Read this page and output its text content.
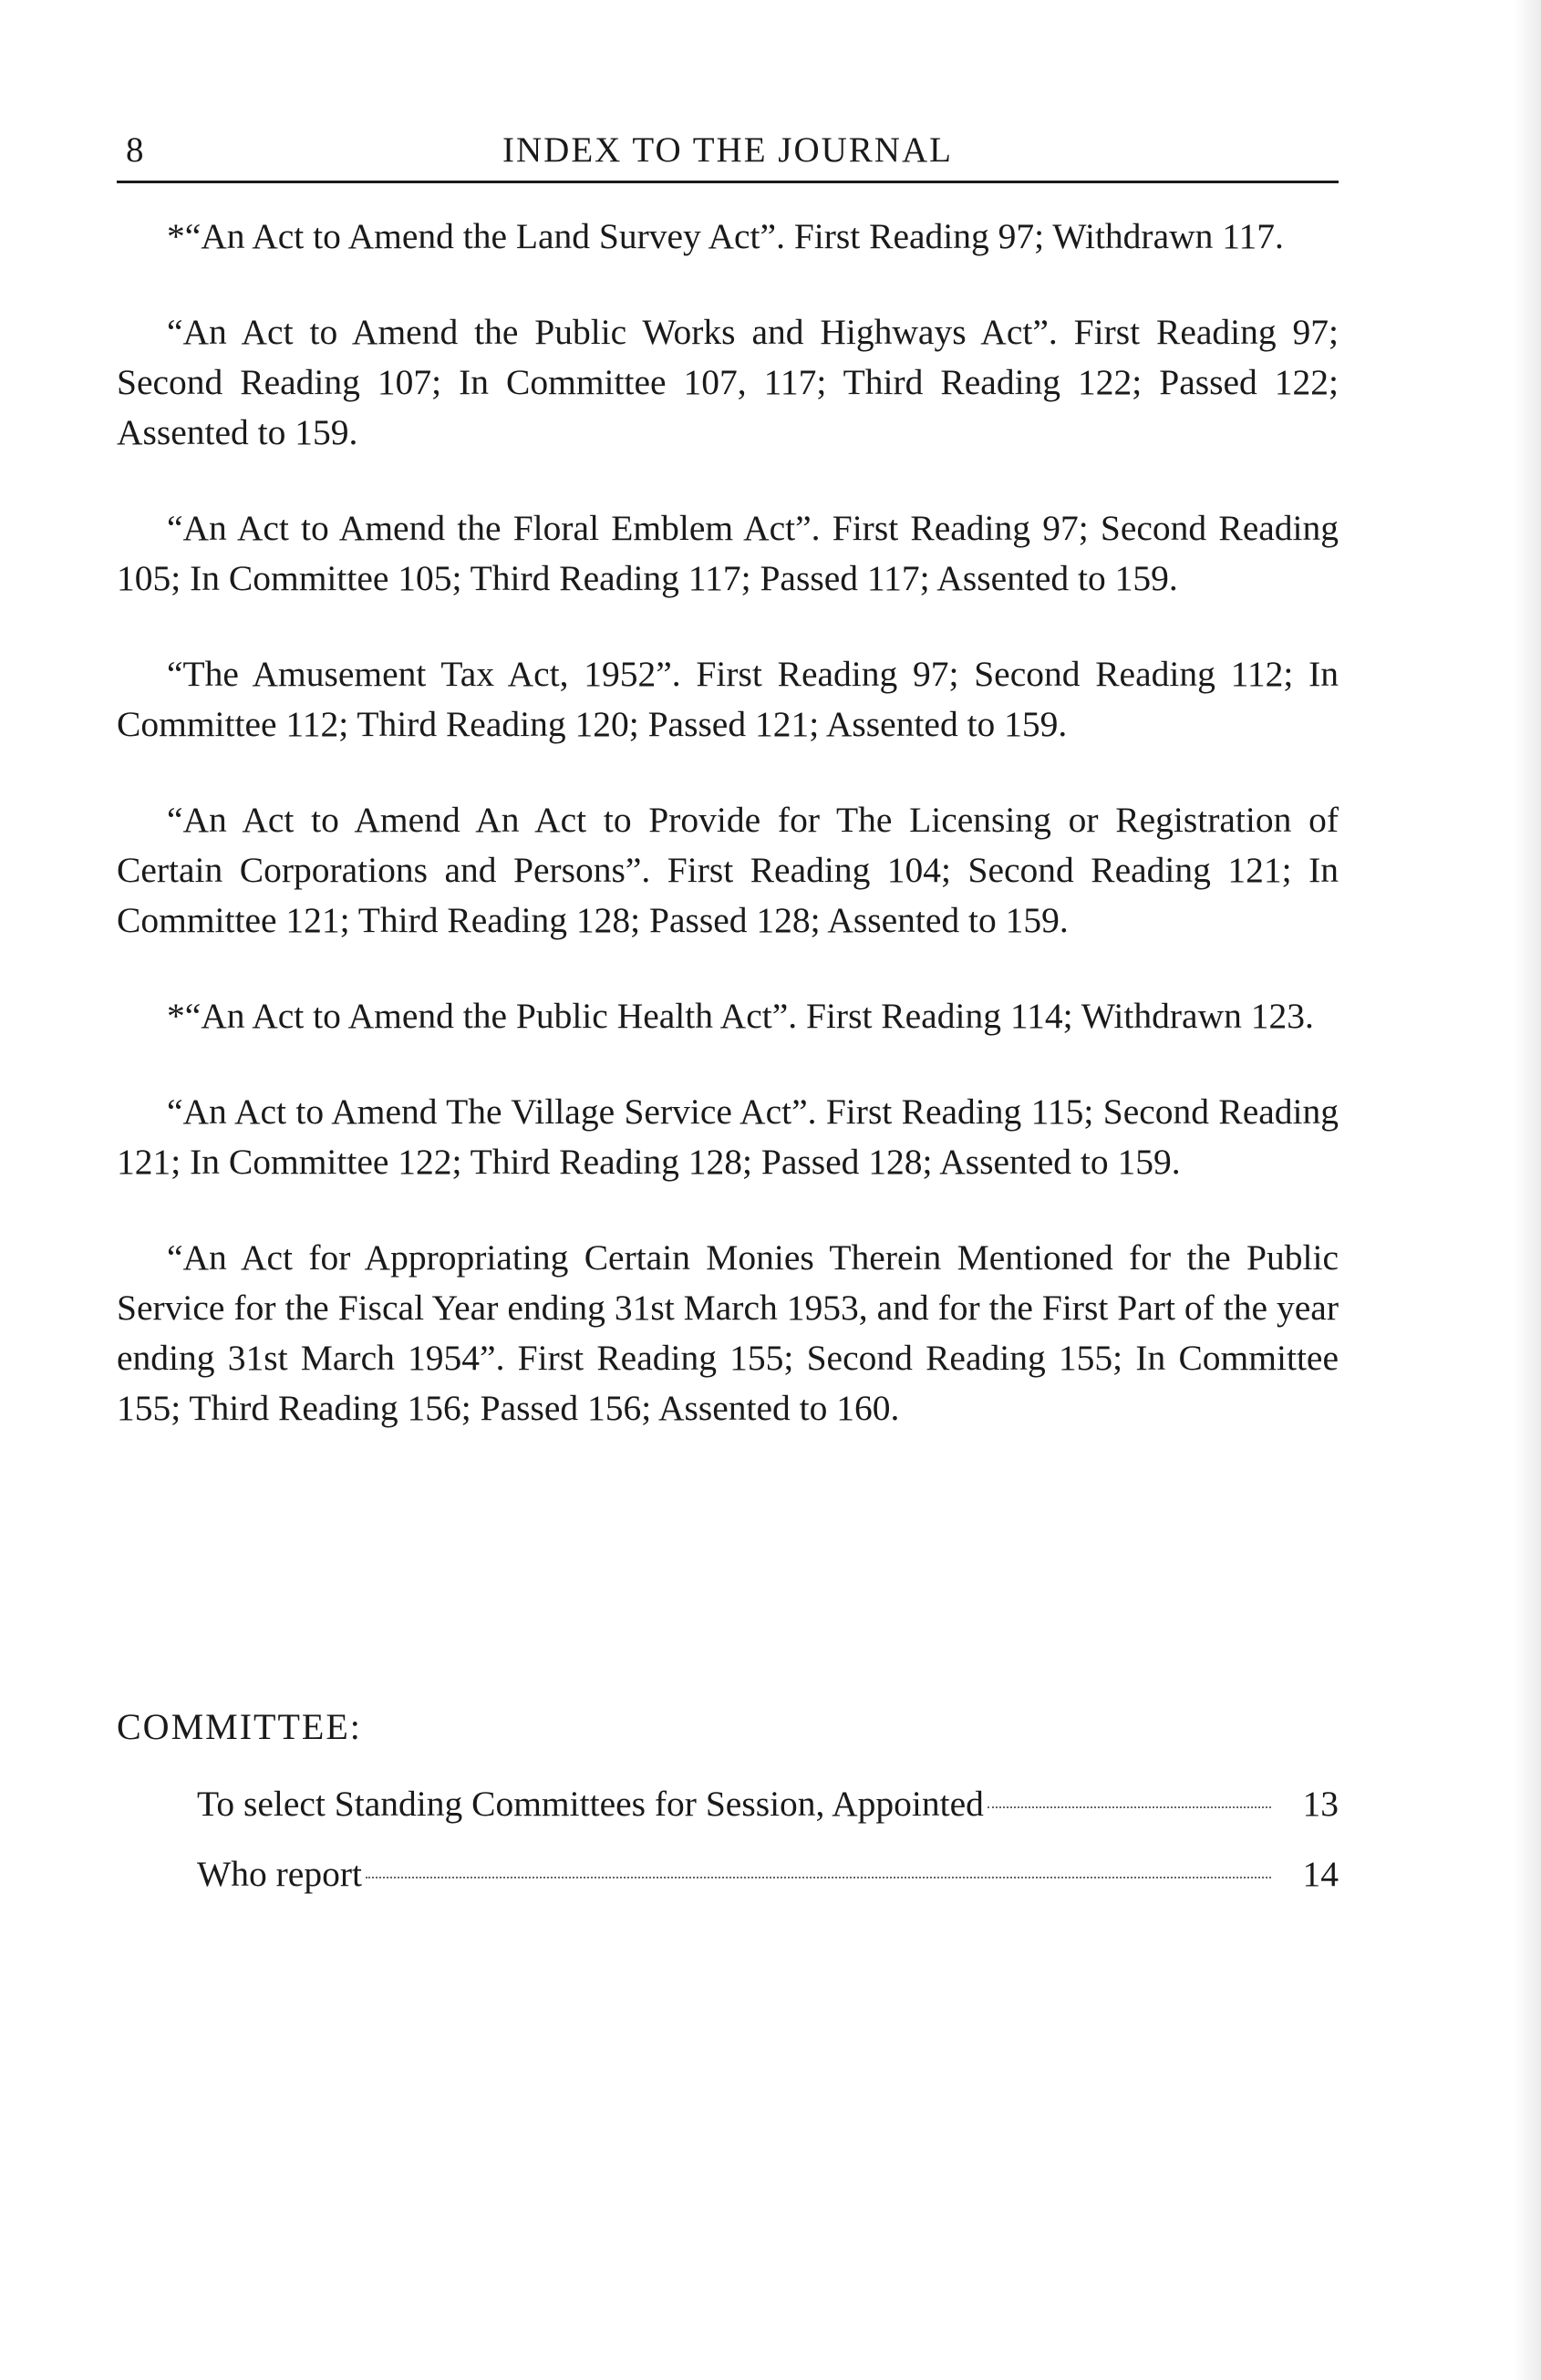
8	INDEX TO THE JOURNAL

*“An Act to Amend the Land Survey Act”. First Reading 97; Withdrawn 117.

“An Act to Amend the Public Works and Highways Act”. First Reading 97; Second Reading 107; In Committee 107, 117; Third Reading 122; Passed 122; Assented to 159.

“An Act to Amend the Floral Emblem Act”. First Reading 97; Second Reading 105; In Committee 105; Third Reading 117; Passed 117; Assented to 159.

“The Amusement Tax Act, 1952”. First Reading 97; Second Reading 112; In Committee 112; Third Reading 120; Passed 121; Assented to 159.

“An Act to Amend An Act to Provide for The Licensing or Registration of Certain Corporations and Persons”. First Reading 104; Second Reading 121; In Committee 121; Third Reading 128; Passed 128; Assented to 159.

*“An Act to Amend the Public Health Act”. First Reading 114; Withdrawn 123.

“An Act to Amend The Village Service Act”. First Reading 115; Second Reading 121; In Committee 122; Third Reading 128; Passed 128; Assented to 159.

“An Act for Appropriating Certain Monies Therein Mentioned for the Public Service for the Fiscal Year ending 31st March 1953, and for the First Part of the year ending 31st March 1954”. First Reading 155; Second Reading 155; In Committee 155; Third Reading 156; Passed 156; Assented to 160.

COMMITTEE:
To select Standing Committees for Session, Appointed	13
Who report	14
